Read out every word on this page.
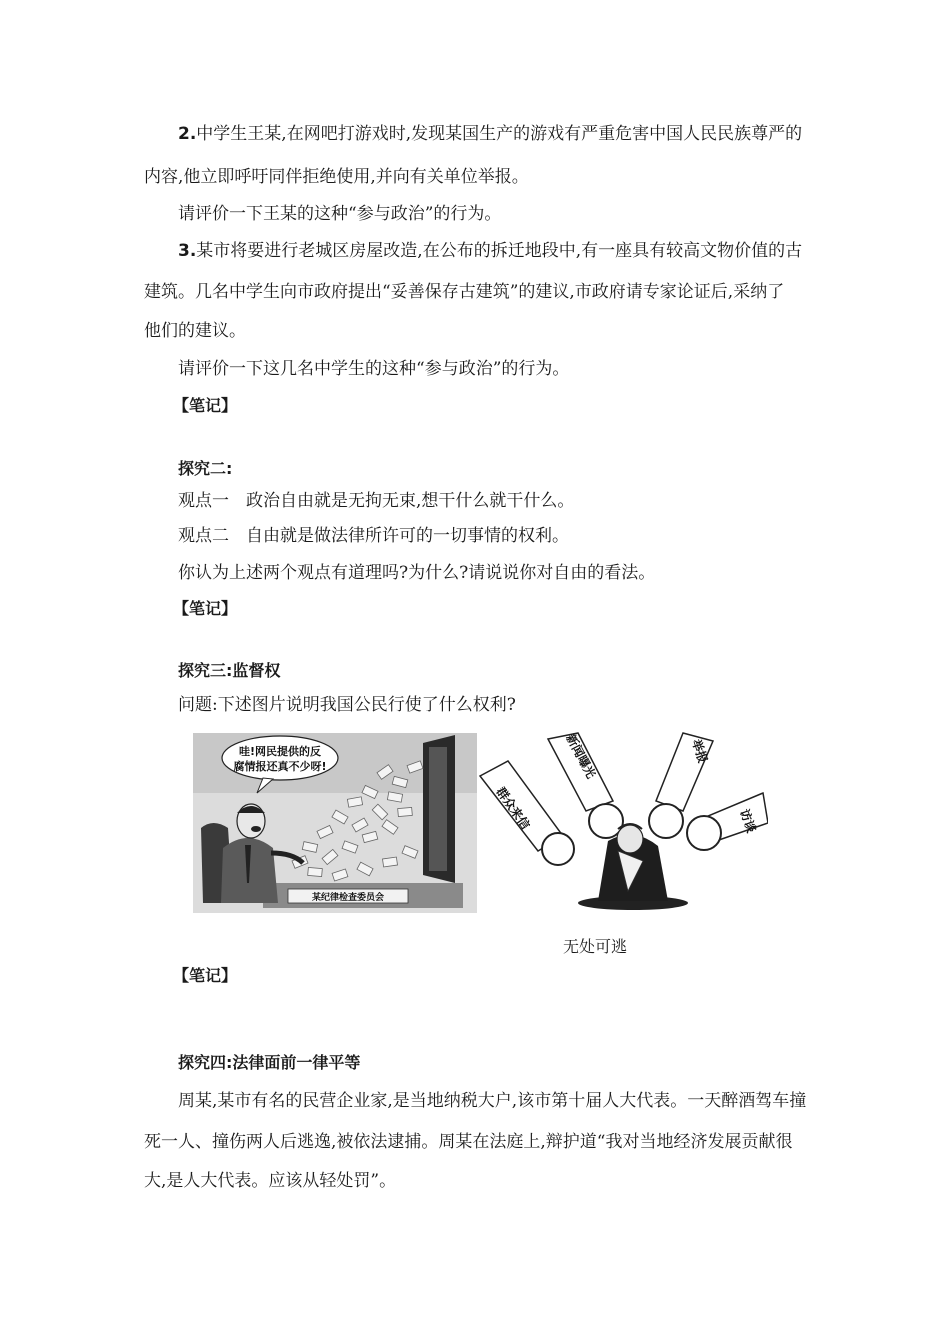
2.中学生王某,在网吧打游戏时,发现某国生产的游戏有严重危害中国人民民族尊严的
内容,他立即呼吁同伴拒绝使用,并向有关单位举报。
请评价一下王某的这种“参与政治”的行为。
3.某市将要进行老城区房屋改造,在公布的拆迁地段中,有一座具有较高文物价值的古
建筑。几名中学生向市政府提出“妥善保存古建筑”的建议,市政府请专家论证后,采纳了
他们的建议。
请评价一下这几名中学生的这种“参与政治”的行为。
【笔记】
探究二:
观点一　政治自由就是无拘无束,想干什么就干什么。
观点二　自由就是做法律所许可的一切事情的权利。
你认为上述两个观点有道理吗?为什么?请说说你对自由的看法。
【笔记】
探究三:监督权
问题:下述图片说明我国公民行使了什么权利?
某纪律检查委员会
哇!网民提供的反
腐情报还真不少呀!
群众来信
新闻曝光	举报
访谈
无处可逃
【笔记】
探究四:法律面前一律平等
周某,某市有名的民营企业家,是当地纳税大户,该市第十届人大代表。一天醉酒驾车撞
死一人、撞伤两人后逃逸,被依法逮捕。周某在法庭上,辩护道“我对当地经济发展贡献很
大,是人大代表。应该从轻处罚”。
